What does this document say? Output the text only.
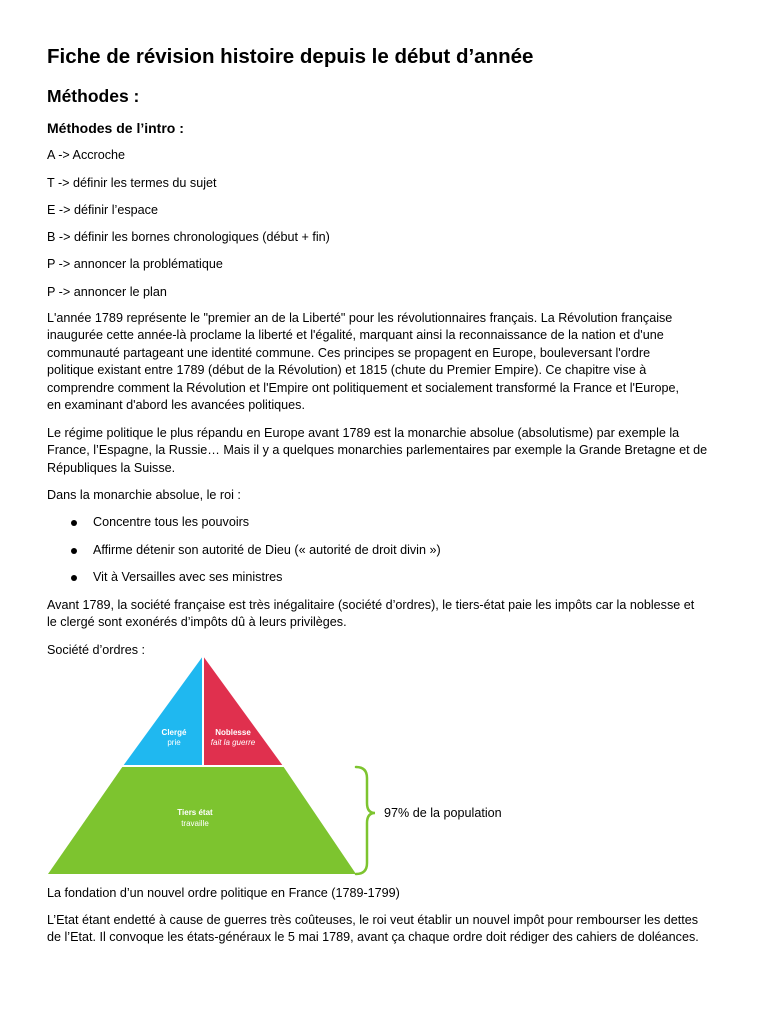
Fiche de révision histoire depuis le début d’année
Méthodes :
Méthodes de l’intro :
A -> Accroche
T -> définir les termes du sujet
E -> définir l’espace
B -> définir les bornes chronologiques (début + fin)
P -> annoncer la problématique
P -> annoncer le plan
L'année 1789 représente le "premier an de la Liberté" pour les révolutionnaires français. La Révolution française
inaugurée cette année-là proclame la liberté et l'égalité, marquant ainsi la reconnaissance de la nation et d'une
communauté partageant une identité commune. Ces principes se propagent en Europe, bouleversant l'ordre
politique existant entre 1789 (début de la Révolution) et 1815 (chute du Premier Empire). Ce chapitre vise à
comprendre comment la Révolution et l'Empire ont politiquement et socialement transformé la France et l'Europe,
en examinant d'abord les avancées politiques.
Le régime politique le plus répandu en Europe avant 1789 est la monarchie absolue (absolutisme) par exemple la
France, l’Espagne, la Russie… Mais il y a quelques monarchies parlementaires par exemple la Grande Bretagne et de
Républiques la Suisse.
Dans la monarchie absolue, le roi :
Concentre tous les pouvoirs
Affirme détenir son autorité de Dieu (« autorité de droit divin »)
Vit à Versailles avec ses ministres
Avant 1789, la société française est très inégalitaire (société d’ordres), le tiers-état paie les impôts car la noblesse et
le clergé sont exonérés d’impôts dû à leurs privilèges.
Société d’ordres :
Clergé
prie
Noblesse
fait la guerre
Tiers état
travaille
97% de la population
La fondation d’un nouvel ordre politique en France (1789-1799)
L’Etat étant endetté à cause de guerres très coûteuses, le roi veut établir un nouvel impôt pour rembourser les dettes
de l’Etat. Il convoque les états-généraux le 5 mai 1789, avant ça chaque ordre doit rédiger des cahiers de doléances.
